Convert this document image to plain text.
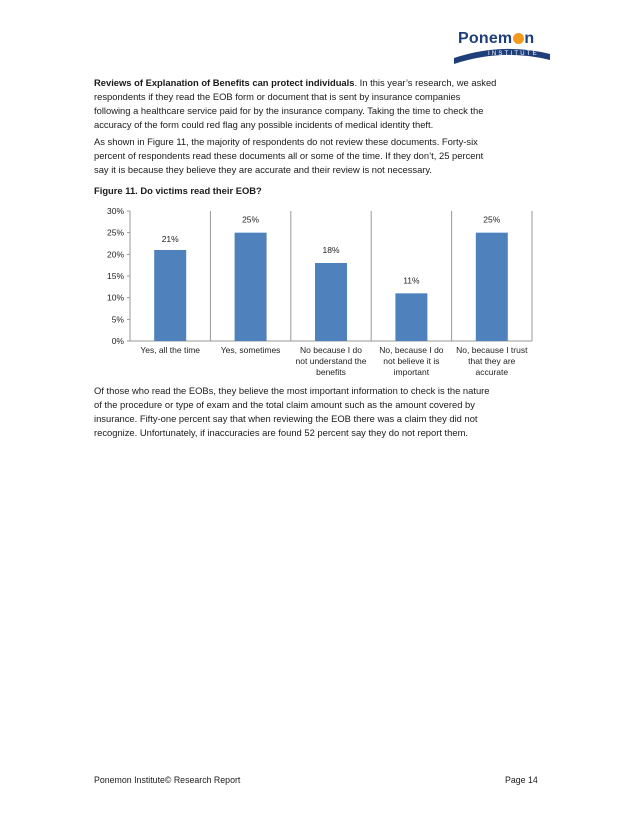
Ponem n
INSTITUTE

Reviews of Explanation of Benefits can protect individuals. In this year’s research, we asked
respondents if they read the EOB form or document that is sent by insurance companies
following a healthcare service paid for by the insurance company. Taking the time to check the
accuracy of the form could red flag any possible incidents of medical identity theft.

As shown in Figure 11, the majority of respondents do not review these documents. Forty-six
percent of respondents read these documents all or some of the time. If they don’t, 25 percent
say it is because they believe they are accurate and their review is not necessary.

Figure 11. Do victims read their EOB?

0%
5%
10%
15%
20%
25%
30%
21%
Yes, all the time
25%
Yes, sometimes
18%
No because I do
not understand the
benefits
11%
No, because I do
not believe it is
important
25%
No, because I trust
that they are
accurate

Of those who read the EOBs, they believe the most important information to check is the nature
of the procedure or type of exam and the total claim amount such as the amount covered by
insurance. Fifty-one percent say that when reviewing the EOB there was a claim they did not
recognize. Unfortunately, if inaccuracies are found 52 percent say they do not report them.

Ponemon Institute© Research Report	Page 14
